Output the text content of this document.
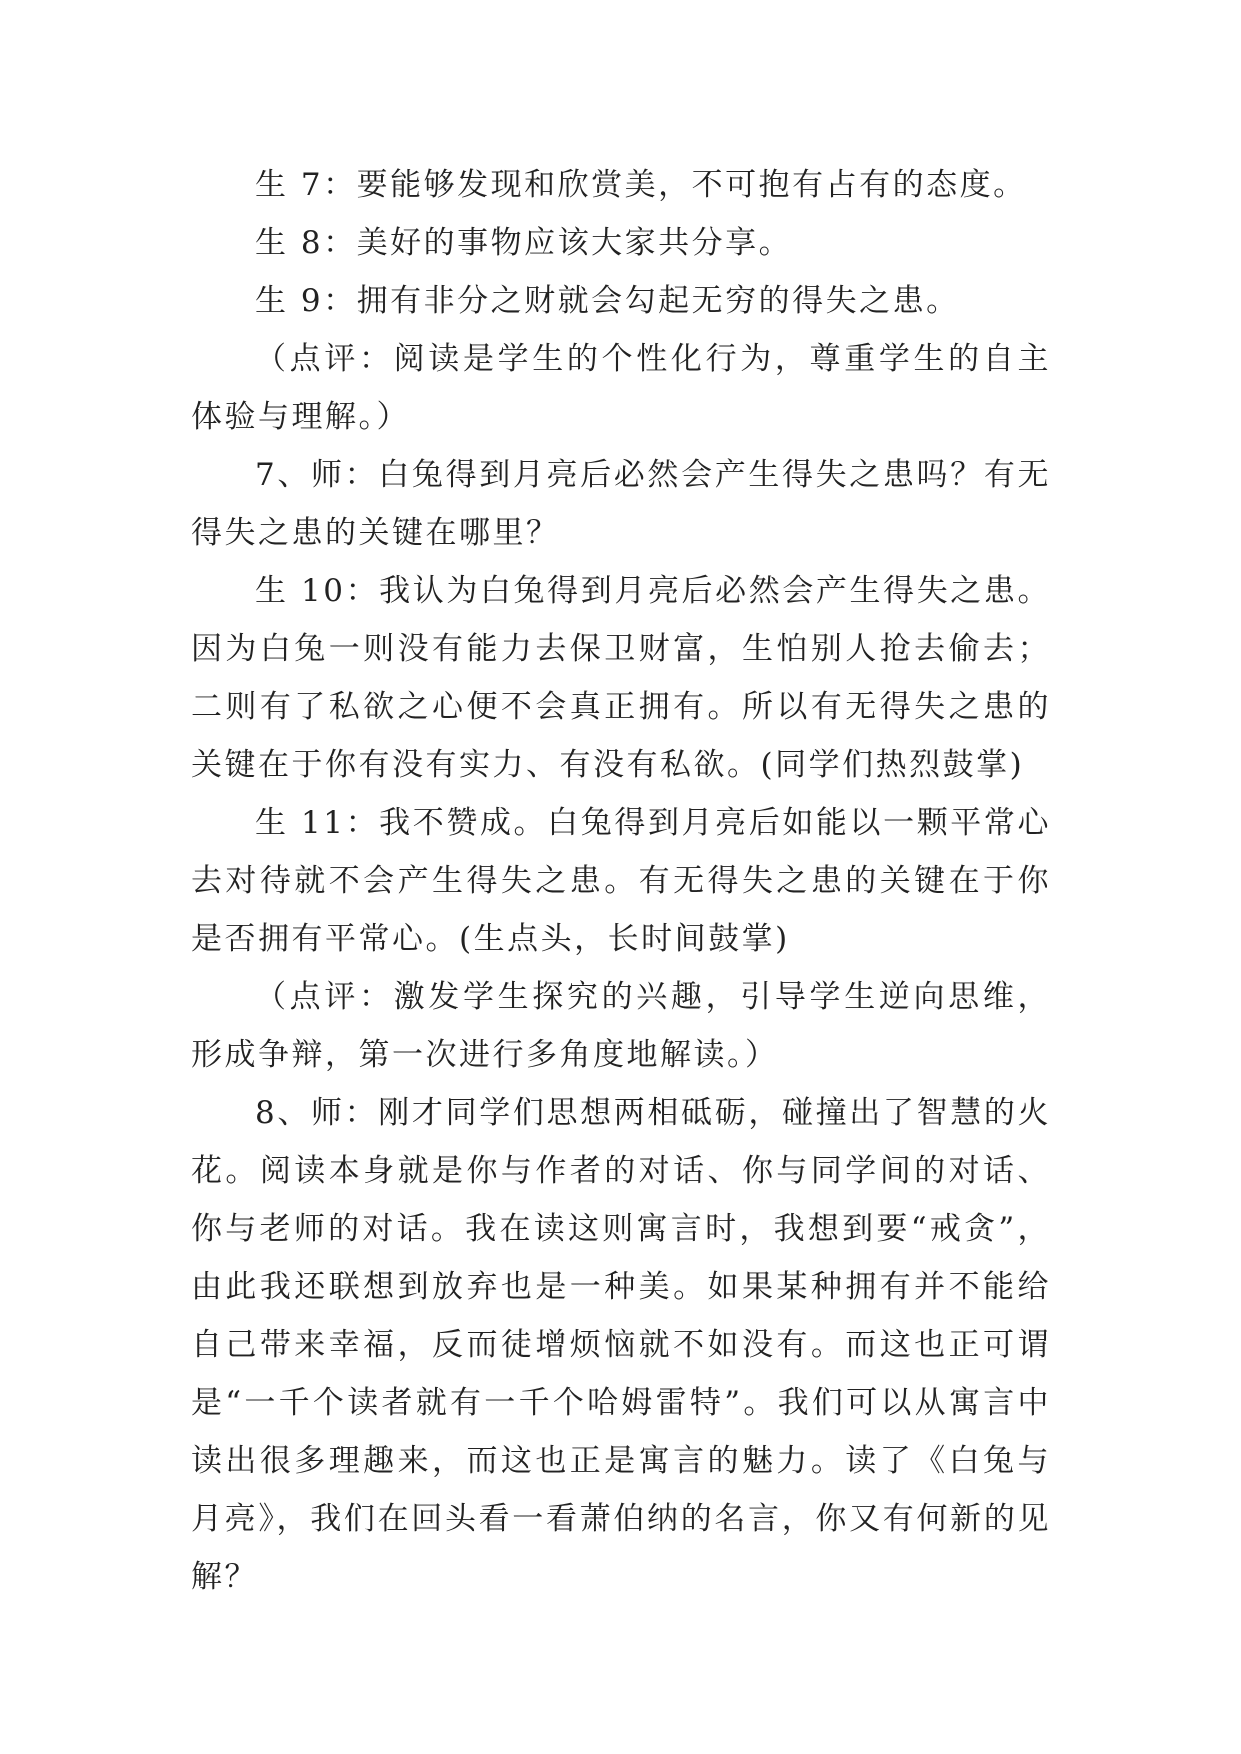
生 7：要能够发现和欣赏美，不可抱有占有的态度。

生 8：美好的事物应该大家共分享。

生 9：拥有非分之财就会勾起无穷的得失之患。

（点评：阅读是学生的个性化行为，尊重学生的自主体验与理解。）

7、师：白兔得到月亮后必然会产生得失之患吗？有无得失之患的关键在哪里？

生 10：我认为白兔得到月亮后必然会产生得失之患。因为白兔一则没有能力去保卫财富，生怕别人抢去偷去；二则有了私欲之心便不会真正拥有。所以有无得失之患的关键在于你有没有实力、有没有私欲。(同学们热烈鼓掌)

生 11：我不赞成。白兔得到月亮后如能以一颗平常心去对待就不会产生得失之患。有无得失之患的关键在于你是否拥有平常心。(生点头，长时间鼓掌)

（点评：激发学生探究的兴趣，引导学生逆向思维，形成争辩，第一次进行多角度地解读。）

8、师：刚才同学们思想两相砥砺，碰撞出了智慧的火花。阅读本身就是你与作者的对话、你与同学间的对话、你与老师的对话。我在读这则寓言时，我想到要“戒贪”，由此我还联想到放弃也是一种美。如果某种拥有并不能给自己带来幸福，反而徒增烦恼就不如没有。而这也正可谓是“一千个读者就有一千个哈姆雷特”。我们可以从寓言中读出很多理趣来，而这也正是寓言的魅力。读了《白兔与月亮》，我们在回头看一看萧伯纳的名言，你又有何新的见解？
